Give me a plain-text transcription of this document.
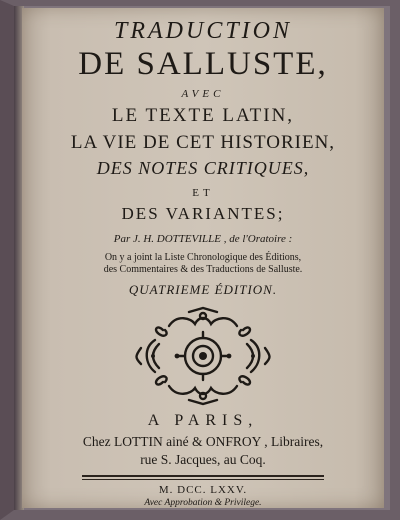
TRADUCTION
DE SALLUSTE,
AVEC
LE TEXTE LATIN,
LA VIE DE CET HISTORIEN,
DES NOTES CRITIQUES,
ET
DES VARIANTES;
Par J. H. DOTTEVILLE , de l'Oratoire :
On y a joint la Liste Chronologique des Éditions,
des Commentaires & des Traductions de Salluste.
QUATRIEME ÉDITION.
A PARIS,
Chez LOTTIN ainé & ONFROY , Libraires,
rue S. Jacques, au Coq.
M. DCC. LXXV.
Avec Approbation & Privilege.
